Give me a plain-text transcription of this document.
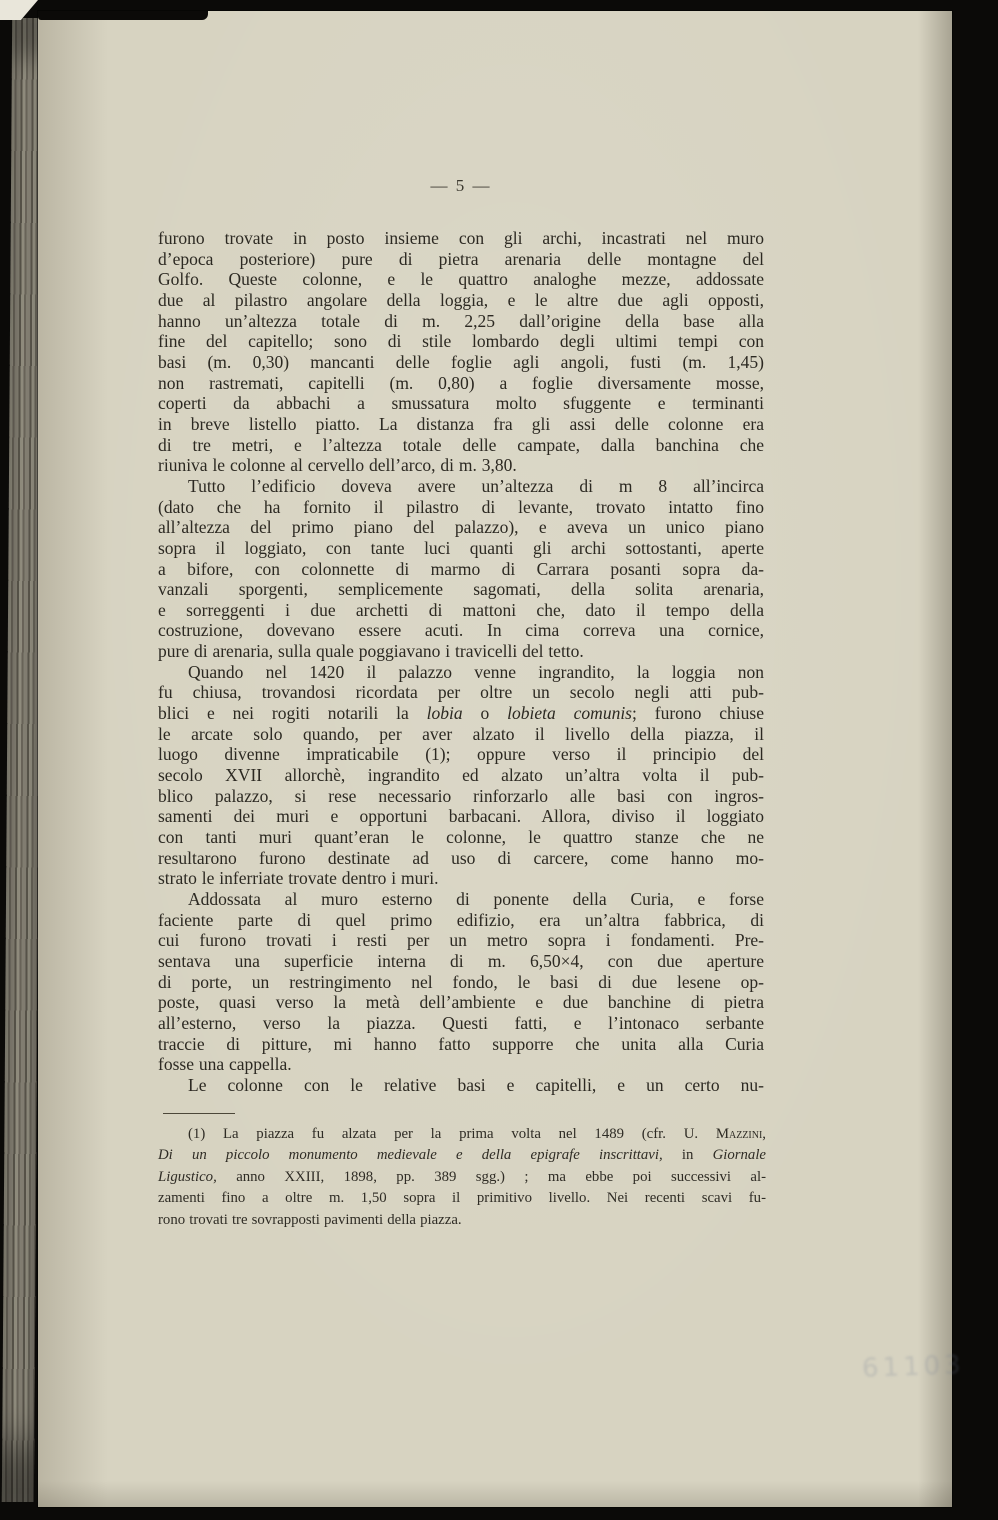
— 5 —
furono trovate in posto insieme con gli archi, incastrati nel muro
d’epoca posteriore) pure di pietra arenaria delle montagne del
Golfo. Queste colonne, e le quattro analoghe mezze, addossate
due al pilastro angolare della loggia, e le altre due agli opposti,
hanno un’altezza totale di m. 2,25 dall’origine della base alla
fine del capitello; sono di stile lombardo degli ultimi tempi con
basi (m. 0,30) mancanti delle foglie agli angoli, fusti (m. 1,45)
non rastremati, capitelli (m. 0,80) a foglie diversamente mosse,
coperti da abbachi a smussatura molto sfuggente e terminanti
in breve listello piatto. La distanza fra gli assi delle colonne era
di tre metri, e l’altezza totale delle campate, dalla banchina che
riuniva le colonne al cervello dell’arco, di m. 3,80.
Tutto l’edificio doveva avere un’altezza di m 8 all’incirca
(dato che ha fornito il pilastro di levante, trovato intatto fino
all’altezza del primo piano del palazzo), e aveva un unico piano
sopra il loggiato, con tante luci quanti gli archi sottostanti, aperte
a bifore, con colonnette di marmo di Carrara posanti sopra da-
vanzali sporgenti, semplicemente sagomati, della solita arenaria,
e sorreggenti i due archetti di mattoni che, dato il tempo della
costruzione, dovevano essere acuti. In cima correva una cornice,
pure di arenaria, sulla quale poggiavano i travicelli del tetto.
Quando nel 1420 il palazzo venne ingrandito, la loggia non
fu chiusa, trovandosi ricordata per oltre un secolo negli atti pub-
blici e nei rogiti notarili la lobia o lobieta comunis; furono chiuse
le arcate solo quando, per aver alzato il livello della piazza, il
luogo divenne impraticabile (1); oppure verso il principio del
secolo XVII allorchè, ingrandito ed alzato un’altra volta il pub-
blico palazzo, si rese necessario rinforzarlo alle basi con ingros-
samenti dei muri e opportuni barbacani. Allora, diviso il loggiato
con tanti muri quant’eran le colonne, le quattro stanze che ne
resultarono furono destinate ad uso di carcere, come hanno mo-
strato le inferriate trovate dentro i muri.
Addossata al muro esterno di ponente della Curia, e forse
faciente parte di quel primo edifizio, era un’altra fabbrica, di
cui furono trovati i resti per un metro sopra i fondamenti. Pre-
sentava una superficie interna di m. 6,50×4, con due aperture
di porte, un restringimento nel fondo, le basi di due lesene op-
poste, quasi verso la metà dell’ambiente e due banchine di pietra
all’esterno, verso la piazza. Questi fatti, e l’intonaco serbante
traccie di pitture, mi hanno fatto supporre che unita alla Curia
fosse una cappella.
Le colonne con le relative basi e capitelli, e un certo nu-
(1) La piazza fu alzata per la prima volta nel 1489 (cfr. U. Mazzini,
Di un piccolo monumento medievale e della epigrafe inscrittavi, in Giornale
Ligustico, anno XXIII, 1898, pp. 389 sgg.) ; ma ebbe poi successivi al-
zamenti fino a oltre m. 1,50 sopra il primitivo livello. Nei recenti scavi fu-
rono trovati tre sovrapposti pavimenti della piazza.
61103
